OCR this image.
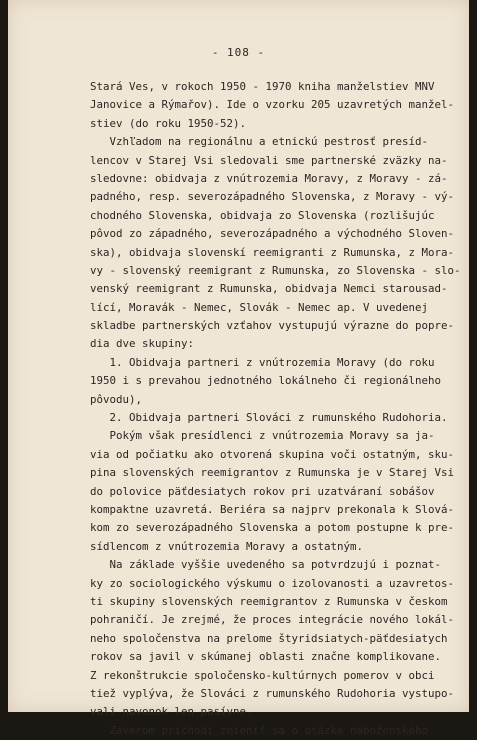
- 108 -
Stará Ves, v rokoch 1950 - 1970 kniha manželstiev MNV
Janovice a Rýmařov). Ide o vzorku 205 uzavretých manžel-
stiev (do roku 1950-52).
Vzhľadom na regionálnu a etnickú pestrosť presíd-
lencov v Starej Vsi sledovali sme partnerské zväzky na-
sledovne: obidvaja z vnútrozemia Moravy, z Moravy - zá-
padného, resp. severozápadného Slovenska, z Moravy - vý-
chodného Slovenska, obidvaja zo Slovenska (rozlišujúc
pôvod zo západného, severozápadného a východného Sloven-
ska), obidvaja slovenskí reemigranti z Rumunska, z Mora-
vy - slovenský reemigrant z Rumunska, zo Slovenska - slo-
venský reemigrant z Rumunska, obidvaja Nemci starousad-
lící, Moravák - Nemec, Slovák - Nemec ap. V uvedenej
skladbe partnerských vzťahov vystupujú výrazne do popre-
dia dve skupiny:
1. Obidvaja partneri z vnútrozemia Moravy (do roku
1950 i s prevahou jednotného lokálneho či regionálneho
pôvodu),
2. Obidvaja partneri Slováci z rumunského Rudohoria.
Pokým však presídlenci z vnútrozemia Moravy sa ja-
via od počiatku ako otvorená skupina voči ostatným, sku-
pina slovenských reemigrantov z Rumunska je v Starej Vsi
do polovice päťdesiatych rokov pri uzatváraní sobášov
kompaktne uzavretá. Beriéra sa najprv prekonala k Slová-
kom zo severozápadného Slovenska a potom postupne k pre-
sídlencom z vnútrozemia Moravy a ostatným.
Na základe vyššie uvedeného sa potvrdzujú i poznat-
ky zo sociologického výskumu o izolovanosti a uzavretos-
ti skupiny slovenských reemigrantov z Rumunska v českom
pohraničí. Je zrejmé, že proces integrácie nového lokál-
neho spoločenstva na prelome štyridsiatych-päťdesiatych
rokov sa javil v skúmanej oblasti značne komplikovane.
Z rekonštrukcie spoločensko-kultúrnych pomerov v obci
tiež vyplýva, že Slováci z rumunského Rudohoria vystupo-
vali navonok len pasívne.
Záverom prichodí zmieniť sa o otázke náboženského
